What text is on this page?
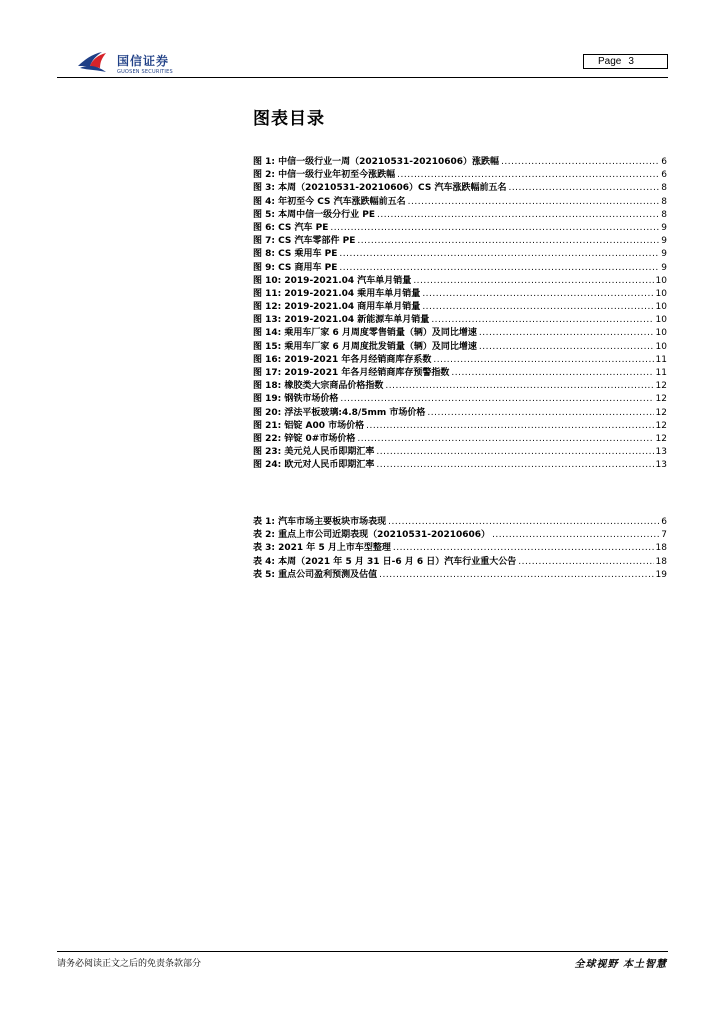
国信证券
GUOSEN SECURITIES
Page 3
图表目录
图 1: 中信一级行业一周（20210531-20210606）涨跌幅 .....	6
图 2: 中信一级行业年初至今涨跌幅 .....	6
图 3: 本周（20210531-20210606）CS 汽车涨跌幅前五名 .....	8
图 4: 年初至今 CS 汽车涨跌幅前五名 .....	8
图 5: 本周中信一级分行业 PE .....	8
图 6: CS 汽车 PE .....	9
图 7: CS 汽车零部件 PE .....	9
图 8: CS 乘用车 PE .....	9
图 9: CS 商用车 PE .....	9
图 10: 2019-2021.04 汽车单月销量 .....	10
图 11: 2019-2021.04 乘用车单月销量 .....	10
图 12: 2019-2021.04 商用车单月销量 .....	10
图 13: 2019-2021.04 新能源车单月销量 .....	10
图 14: 乘用车厂家 6 月周度零售销量（辆）及同比增速 .....	10
图 15: 乘用车厂家 6 月周度批发销量（辆）及同比增速 .....	10
图 16: 2019-2021 年各月经销商库存系数 .....	11
图 17: 2019-2021 年各月经销商库存预警指数 .....	11
图 18: 橡胶类大宗商品价格指数 .....	12
图 19: 钢铁市场价格 .....	12
图 20: 浮法平板玻璃:4.8/5mm 市场价格 .....	12
图 21: 铝锭 A00 市场价格 .....	12
图 22: 锌锭 0#市场价格 .....	12
图 23: 美元兑人民币即期汇率 .....	13
图 24: 欧元对人民币即期汇率 .....	13
表 1: 汽车市场主要板块市场表现 .....	6
表 2: 重点上市公司近期表现（20210531-20210606） .....	7
表 3: 2021 年 5 月上市车型整理 .....	18
表 4: 本周（2021 年 5 月 31 日-6 月 6 日）汽车行业重大公告 .....	18
表 5: 重点公司盈利预测及估值 .....	19
请务必阅读正文之后的免责条款部分	全球视野 本土智慧
